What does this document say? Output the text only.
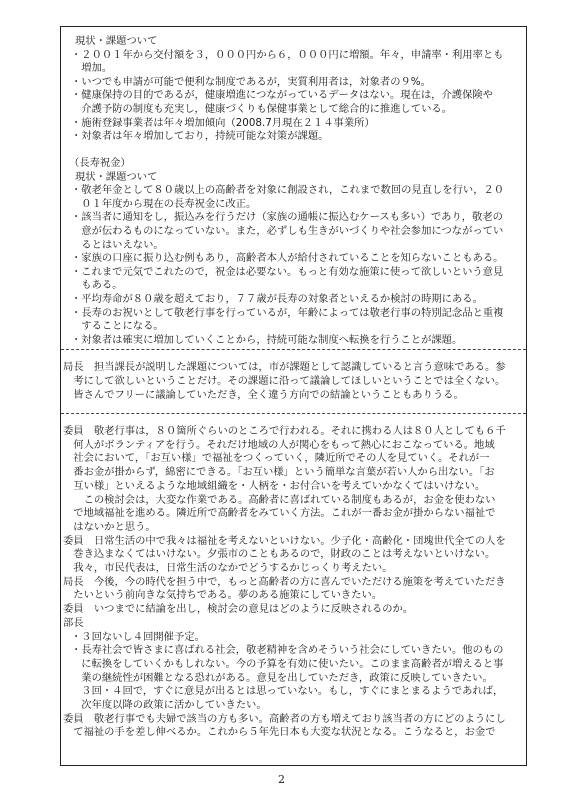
現状・課題ついて
・２００１年から交付額を３，０００円から６，０００円に増額。年々，申請率・利用率とも
　増加。
・いつでも申請が可能で便利な制度であるが，実質利用者は，対象者の９%。
・健康保持の目的であるが，健康増進につながっているデータはない。現在は，介護保険や
　介護予防の制度も充実し，健康づくりも保健事業として総合的に推進している。
・施術登録事業者は年々増加傾向（2008.7月現在２１４事業所）
・対象者は年々増加しており，持続可能な対策が課題。
（長寿祝金）
現状・課題ついて
・敬老年金として８０歳以上の高齢者を対象に創設され，これまで数回の見直しを行い，２０
　０１年度から現在の長寿祝金に改正。
・該当者に通知をし，振込みを行うだけ（家族の通帳に振込むケースも多い）であり，敬老の
　意が伝わるものになっていない。また，必ずしも生きがいづくりや社会参加につながってい
　るとはいえない。
・家族の口座に振り込む例もあり，高齢者本人が給付されていることを知らないこともある。
・これまで元気でこれたので，祝金は必要ない。もっと有効な施策に使って欲しいという意見
　もある。
・平均寿命が８０歳を超えており，７７歳が長寿の対象者といえるか検討の時期にある。
・長寿のお祝いとして敬老行事を行っているが，年齢によっては敬老行事の特別記念品と重複
　することになる。
・対象者は確実に増加していくことから，持続可能な制度へ転換を行うことが課題。
局長　担当課長が説明した課題については，市が課題として認識していると言う意味である。参
　考にして欲しいということだけ。その課題に沿って議論してほしいということでは全くない。
　皆さんでフリーに議論していただき，全く違う方向での結論ということもありうる。
委員　敬老行事は，８０箇所ぐらいのところで行われる。それに携わる人は８０人としても６千
　何人がボランティアを行う。それだけ地域の人が関心をもって熱心におこなっている。地域
　社会において，「お互い様」で福祉をつくっていく，隣近所でその人を見ていく。それが一
　番お金が掛からず，綿密にできる。「お互い様」という簡単な言葉が若い人から出ない。「お
　互い様」といえるような地域組織を・人柄を・お付合いを考えていかなくてはいけない。
　　この検討会は，大変な作業である。高齢者に喜ばれている制度もあるが，お金を使わない
　で地域福祉を進める。隣近所で高齢者をみていく方法。これが一番お金が掛からない福祉で
　はないかと思う。
委員　日常生活の中で我々は福祉を考えないといけない。少子化・高齢化・団塊世代全ての人を
　巻き込まなくてはいけない。夕張市のこともあるので，財政のことは考えないといけない。
　我々，市民代表は，日常生活のなかでどうするかじっくり考えたい。
局長　今後，今の時代を担う中で，もっと高齢者の方に喜んでいただける施策を考えていただき
　たいという前向きな気持ちである。夢のある施策にしていきたい。
委員　いつまでに結論を出し，検討会の意見はどのように反映されるのか。
部長
・３回ないし４回開催予定。
・長寿社会で皆さまに喜ばれる社会，敬老精神を含めそういう社会にしていきたい。他のもの
　に転換をしていくかもしれない。今の予算を有効に使いたい。このまま高齢者が増えると事
　業の継続性が困難となる恐れがある。意見を出していただき，政策に反映していきたい。
　３回・４回で，すぐに意見が出るとは思っていない。もし，すぐにまとまるようであれば，
　次年度以降の政策に活かしていきたい。
委員　敬老行事でも夫婦で該当の方も多い。高齢者の方も増えており該当者の方にどのようにし
　て福祉の手を差し伸べるか。これから５年先日本も大変な状況となる。こうなると，お金で
2
